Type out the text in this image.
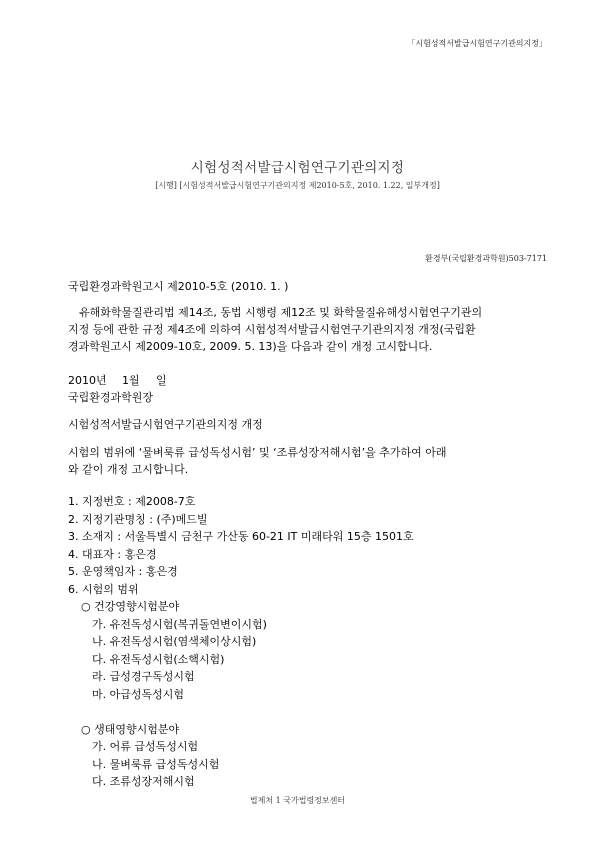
「시험성적서발급시험연구기관의지정」
시험성적서발급시험연구기관의지정
[시행] [시험성적서발급시험연구기관의지정 제2010-5호, 2010. 1.22, 일부개정]
환경부(국립환경과학원)503-7171
국립환경과학원고시 제2010-5호 (2010. 1. )
유해화학물질관리법 제14조, 동법 시행령 제12조 및 화학물질유해성시험연구기관의
지정 등에 관한 규정 제4조에 의하여 시험성적서발급시험연구기관의지정 개정(국립환
경과학원고시 제2009-10호, 2009. 5. 13)을 다음과 같이 개정 고시합니다.
2010년 1월 일
국립환경과학원장
시험성적서발급시험연구기관의지정 개정
시험의 범위에 ‘물벼룩류 급성독성시험’ 및 ‘조류성장저해시험’을 추가하여 아래
와 같이 개정 고시합니다.
1. 지정번호 : 제2008-7호
2. 지정기관명칭 : (주)메드빌
3. 소재지 : 서울특별시 금천구 가산동 60-21 IT 미래타워 15층 1501호
4. 대표자 : 홍은경
5. 운영책임자 : 홍은경
6. 시험의 범위
○ 건강영향시험분야
가. 유전독성시험(복귀돌연변이시험)
나. 유전독성시험(염색체이상시험)
다. 유전독성시험(소핵시험)
라. 급성경구독성시험
마. 아급성독성시험
○ 생태영향시험분야
가. 어류 급성독성시험
나. 물벼룩류 급성독성시험
다. 조류성장저해시험
법제처 1 국가법령정보센터
